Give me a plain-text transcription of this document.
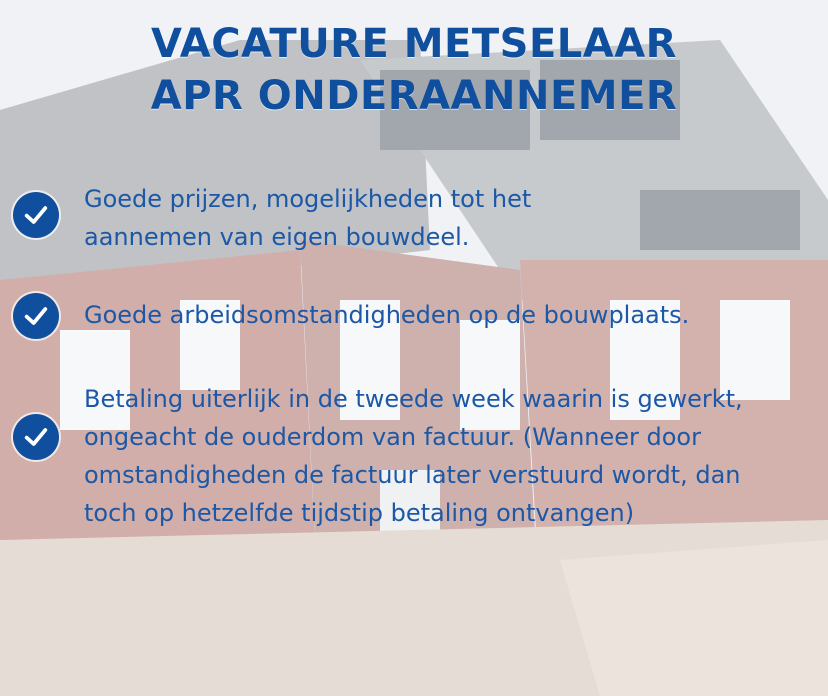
VACATURE METSELAAR
APR ONDERAANNEMER
Goede prijzen, mogelijkheden tot het
aannemen van eigen bouwdeel.
Goede arbeidsomstandigheden op de bouwplaats.
Betaling uiterlijk in de tweede week waarin is gewerkt,
ongeacht de ouderdom van factuur. (Wanneer door
omstandigheden de factuur later verstuurd wordt, dan
toch op hetzelfde tijdstip betaling ontvangen)
